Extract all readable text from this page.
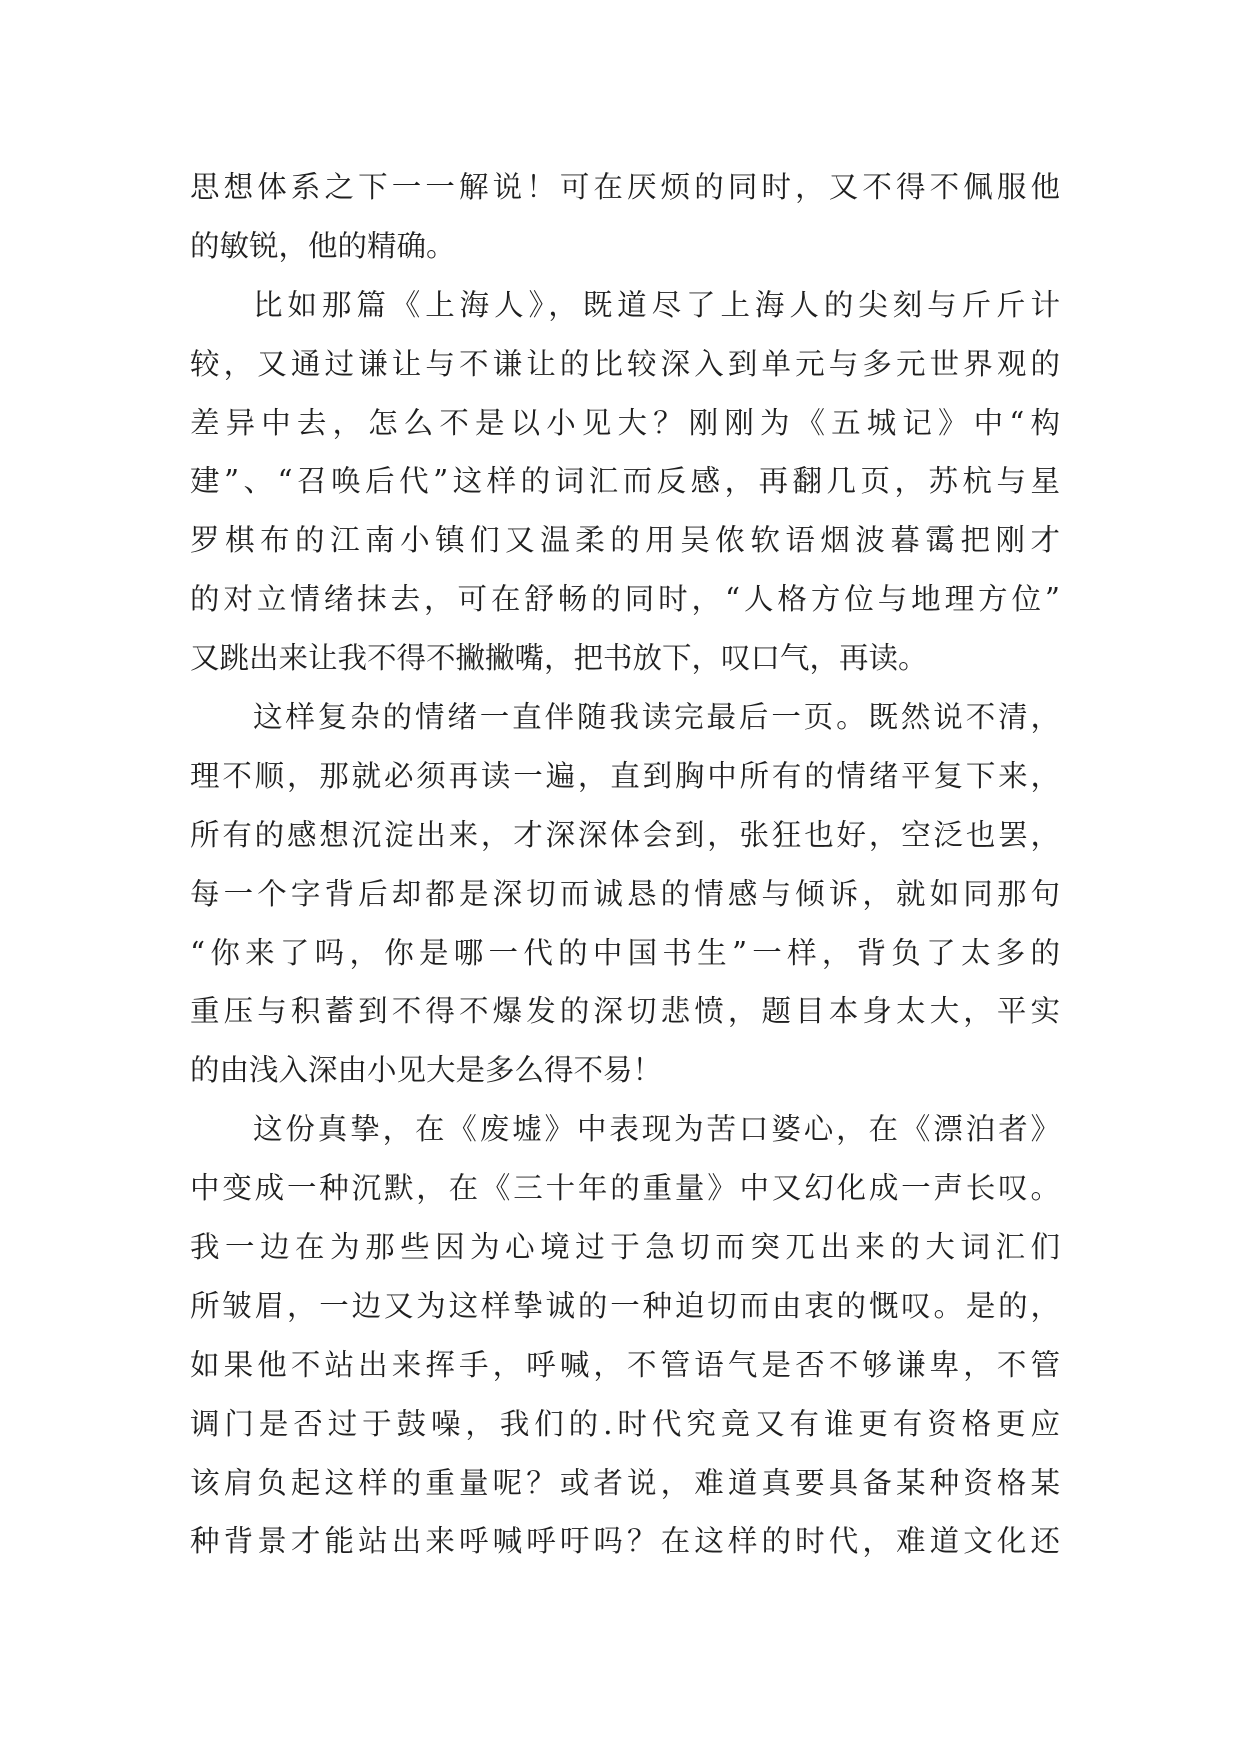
思想体系之下一一解说！可在厌烦的同时，又不得不佩服他
的敏锐，他的精确。
比如那篇《上海人》，既道尽了上海人的尖刻与斤斤计
较，又通过谦让与不谦让的比较深入到单元与多元世界观的
差异中去，怎么不是以小见大？刚刚为《五城记》中“构
建”、“召唤后代”这样的词汇而反感，再翻几页，苏杭与星
罗棋布的江南小镇们又温柔的用吴侬软语烟波暮霭把刚才
的对立情绪抹去，可在舒畅的同时，“人格方位与地理方位”
又跳出来让我不得不撇撇嘴，把书放下，叹口气，再读。
这样复杂的情绪一直伴随我读完最后一页。既然说不清，
理不顺，那就必须再读一遍，直到胸中所有的情绪平复下来，
所有的感想沉淀出来，才深深体会到，张狂也好，空泛也罢，
每一个字背后却都是深切而诚恳的情感与倾诉，就如同那句
“你来了吗，你是哪一代的中国书生”一样，背负了太多的
重压与积蓄到不得不爆发的深切悲愤，题目本身太大，平实
的由浅入深由小见大是多么得不易！
这份真挚，在《废墟》中表现为苦口婆心，在《漂泊者》
中变成一种沉默，在《三十年的重量》中又幻化成一声长叹。
我一边在为那些因为心境过于急切而突兀出来的大词汇们
所皱眉，一边又为这样挚诚的一种迫切而由衷的慨叹。是的，
如果他不站出来挥手，呼喊，不管语气是否不够谦卑，不管
调门是否过于鼓噪，我们的.时代究竟又有谁更有资格更应
该肩负起这样的重量呢？或者说，难道真要具备某种资格某
种背景才能站出来呼喊呼吁吗？在这样的时代，难道文化还
